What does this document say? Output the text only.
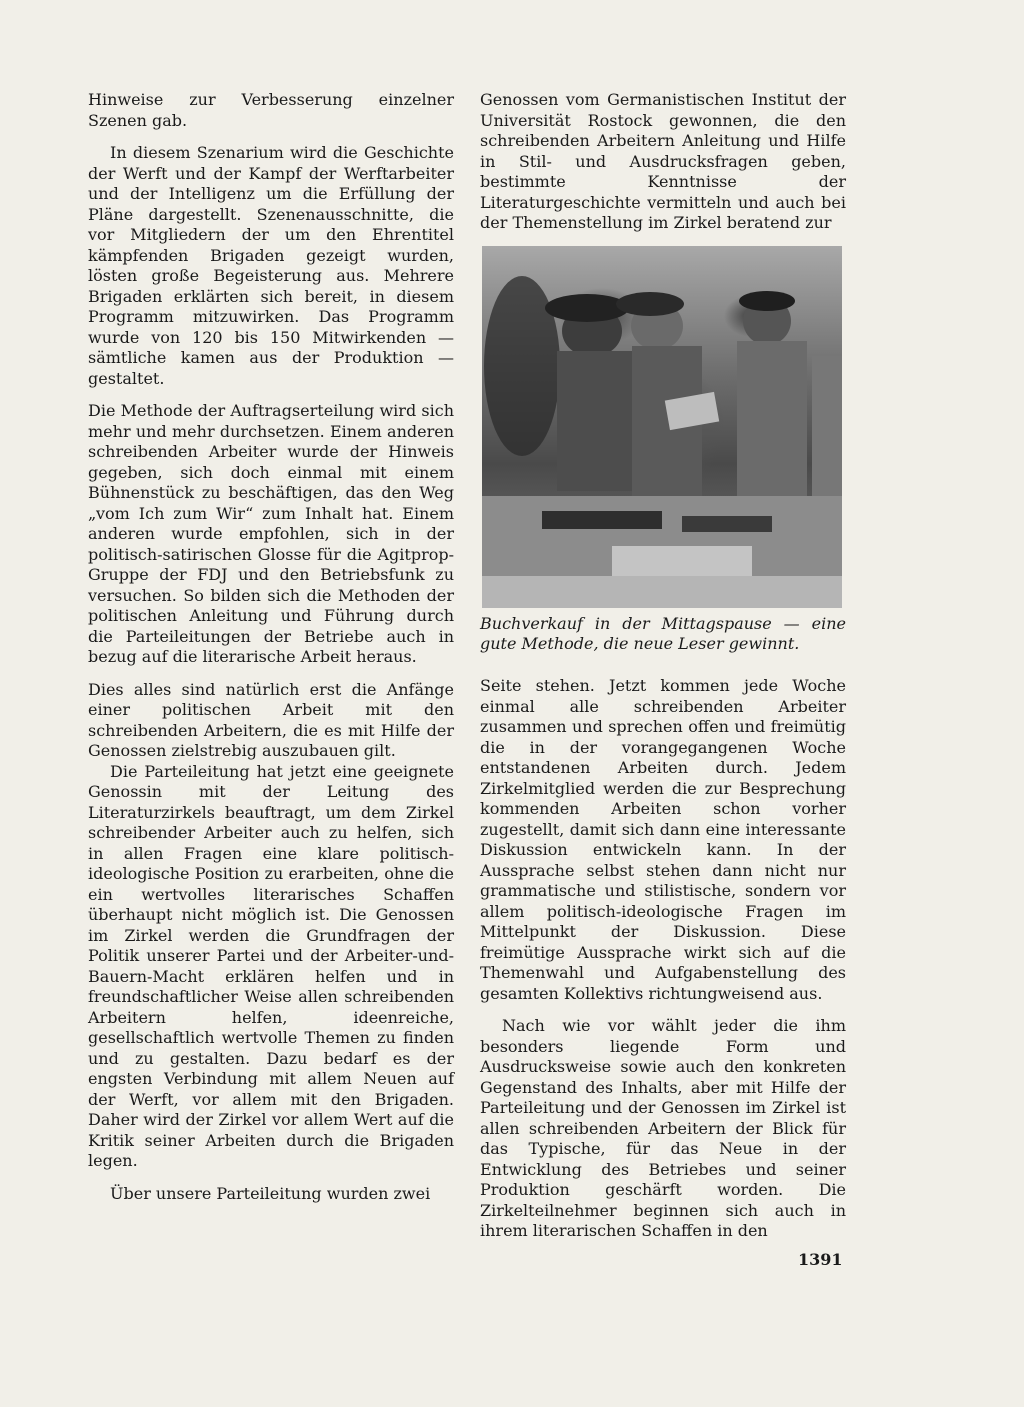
Hinweise zur Verbesserung einzelner Szenen gab.

In diesem Szenarium wird die Geschichte der Werft und der Kampf der Werftarbeiter und der Intelligenz um die Erfüllung der Pläne dargestellt. Szenenausschnitte, die vor Mitgliedern der um den Ehrentitel kämpfenden Brigaden gezeigt wurden, lösten große Begeisterung aus. Mehrere Brigaden erklärten sich bereit, in diesem Programm mitzuwirken. Das Programm wurde von 120 bis 150 Mitwirkenden — sämtliche kamen aus der Produktion — gestaltet.

Die Methode der Auftragserteilung wird sich mehr und mehr durchsetzen. Einem anderen schreibenden Arbeiter wurde der Hinweis gegeben, sich doch einmal mit einem Bühnenstück zu beschäftigen, das den Weg „vom Ich zum Wir“ zum Inhalt hat. Einem anderen wurde empfohlen, sich in der politisch-satirischen Glosse für die Agitprop-Gruppe der FDJ und den Betriebsfunk zu versuchen. So bilden sich die Methoden der politischen Anleitung und Führung durch die Parteileitungen der Betriebe auch in bezug auf die literarische Arbeit heraus.

Dies alles sind natürlich erst die Anfänge einer politischen Arbeit mit den schreibenden Arbeitern, die es mit Hilfe der Genossen zielstrebig auszubauen gilt.

Die Parteileitung hat jetzt eine geeignete Genossin mit der Leitung des Literaturzirkels beauftragt, um dem Zirkel schreibender Arbeiter auch zu helfen, sich in allen Fragen eine klare politisch-ideologische Position zu erarbeiten, ohne die ein wertvolles literarisches Schaffen überhaupt nicht möglich ist. Die Genossen im Zirkel werden die Grundfragen der Politik unserer Partei und der Arbeiter-und-Bauern-Macht erklären helfen und in freundschaftlicher Weise allen schreibenden Arbeitern helfen, ideenreiche, gesellschaftlich wertvolle Themen zu finden und zu gestalten. Dazu bedarf es der engsten Verbindung mit allem Neuen auf der Werft, vor allem mit den Brigaden. Daher wird der Zirkel vor allem Wert auf die Kritik seiner Arbeiten durch die Brigaden legen.

Über unsere Parteileitung wurden zwei

Genossen vom Germanistischen Institut der Universität Rostock gewonnen, die den schreibenden Arbeitern Anleitung und Hilfe in Stil- und Ausdrucksfragen geben, bestimmte Kenntnisse der Literaturgeschichte vermitteln und auch bei der Themenstellung im Zirkel beratend zur

Buchverkauf in der Mittagspause — eine gute Methode, die neue Leser gewinnt.

Seite stehen. Jetzt kommen jede Woche einmal alle schreibenden Arbeiter zusammen und sprechen offen und freimütig die in der vorangegangenen Woche entstandenen Arbeiten durch. Jedem Zirkelmitglied werden die zur Besprechung kommenden Arbeiten schon vorher zugestellt, damit sich dann eine interessante Diskussion entwickeln kann. In der Aussprache selbst stehen dann nicht nur grammatische und stilistische, sondern vor allem politisch-ideologische Fragen im Mittelpunkt der Diskussion. Diese freimütige Aussprache wirkt sich auf die Themenwahl und Aufgabenstellung des gesamten Kollektivs richtungweisend aus.

Nach wie vor wählt jeder die ihm besonders liegende Form und Ausdrucksweise sowie auch den konkreten Gegenstand des Inhalts, aber mit Hilfe der Parteileitung und der Genossen im Zirkel ist allen schreibenden Arbeitern der Blick für das Typische, für das Neue in der Entwicklung des Betriebes und seiner Produktion geschärft worden. Die Zirkelteilnehmer beginnen sich auch in ihrem literarischen Schaffen in den

1391
